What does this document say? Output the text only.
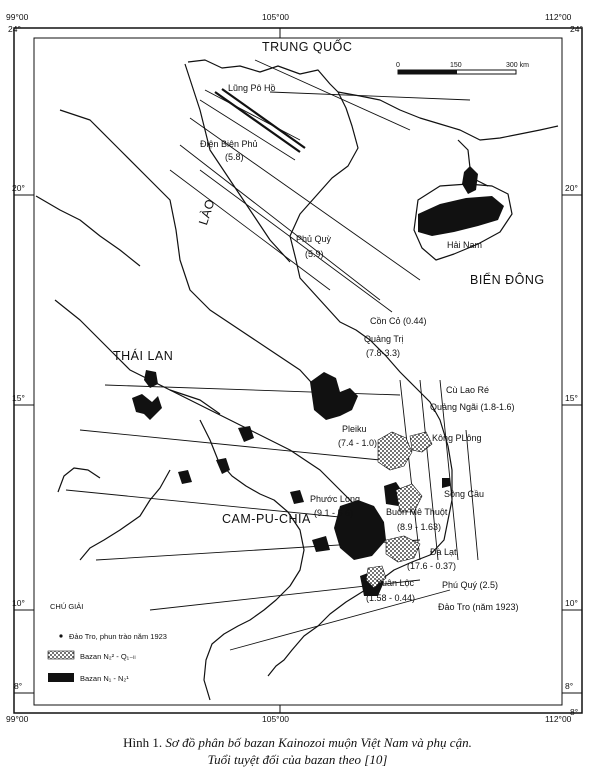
99°00
24°
105°00	112°00
24°
20°	20°
15°	15°
10°	10°
8°	8°
99°00	105°00	112°00
8°
0	150	300 km
TRUNG QUỐC
LÀO
THÁI LAN
CAM-PU-CHIA
BIỂN ĐÔNG
Hải Nam
Lũng Pô Hồ
Điện Biên Phủ
(5.8)
Phủ Quỳ
(5.9)
Cồn Cỏ (0.44)
Quảng Trị
(7.8-3.3)
Cù Lao Ré
Quảng Ngãi (1.8-1.6)
Pleiku
(7.4 - 1.0)	Kông PLông
Sông Cầu
Phước Long
(9.1 - 5.6)	Buôn Mê Thuột
(8.9 - 1.63)
Đà Lạt
(17.6 - 0.37)
Xuân Lộc
(1.58 - 0.44)
Phú Quý (2.5)
Đảo Tro (năm 1923)
CHÚ GIẢI
Đảo Tro, phun trào năm 1923
Bazan N₂² - Q₁₋ₗₗ
Bazan N₁ - N₂¹
Hình 1. Sơ đồ phân bố bazan Kainozoi muộn Việt Nam và phụ cận.
Tuổi tuyệt đối của bazan theo [10]
